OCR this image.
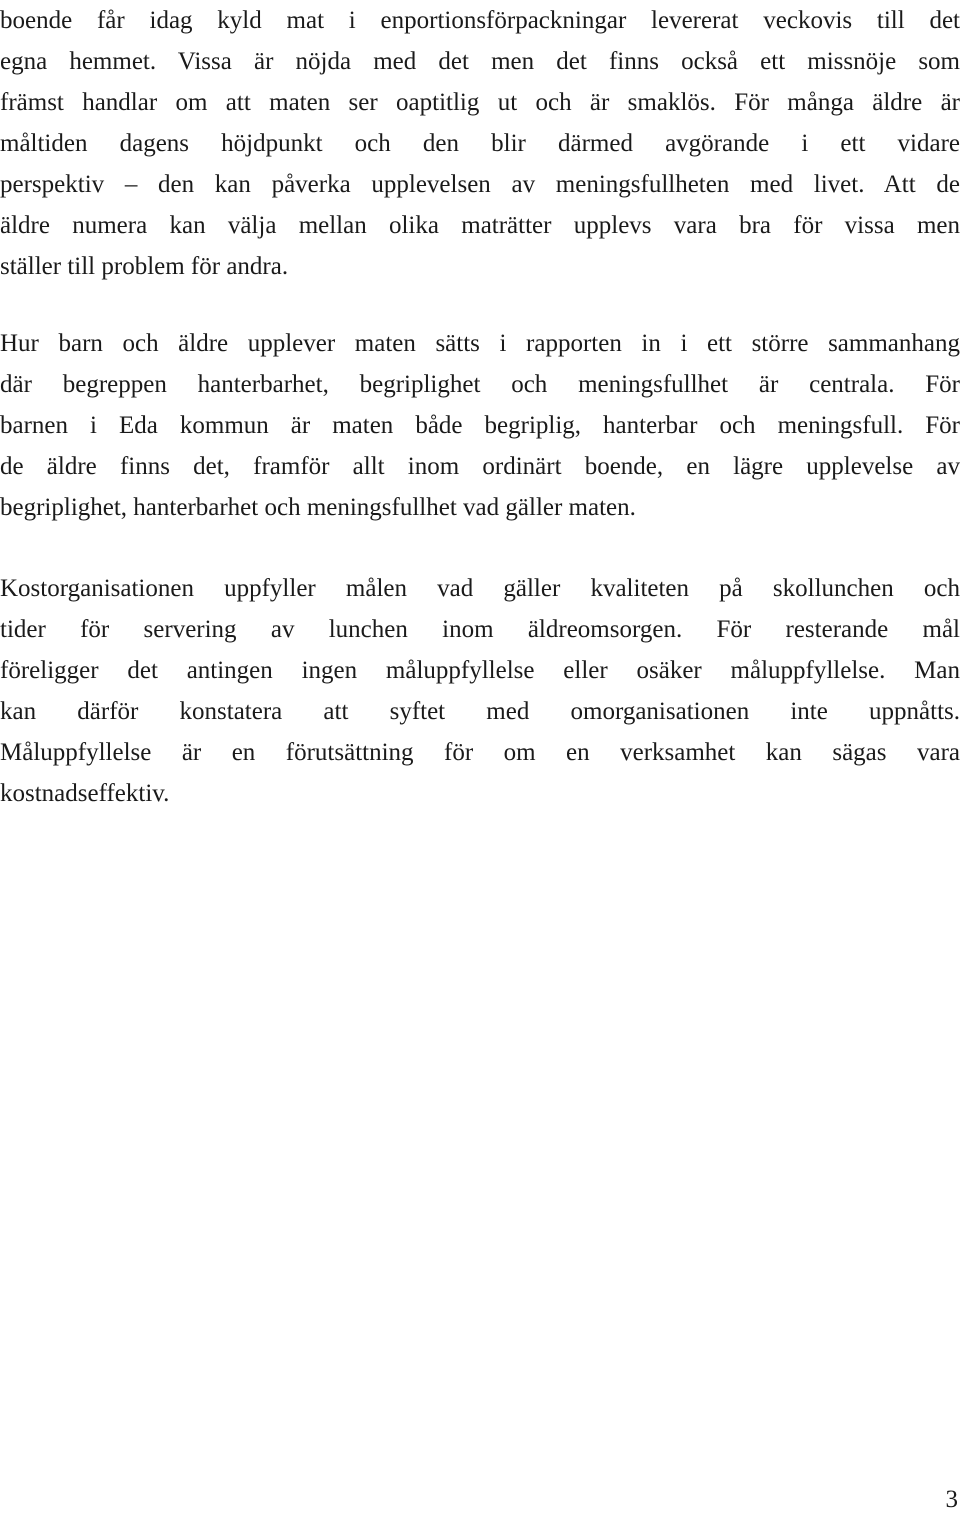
boende får idag kyld mat i enportionsförpackningar levererat veckovis till det
egna hemmet. Vissa är nöjda med det men det finns också ett missnöje som
främst handlar om att maten ser oaptitlig ut och är smaklös. För många äldre är
måltiden dagens höjdpunkt och den blir därmed avgörande i ett vidare
perspektiv – den kan påverka upplevelsen av meningsfullheten med livet. Att de
äldre numera kan välja mellan olika maträtter upplevs vara bra för vissa men
ställer till problem för andra.
Hur barn och äldre upplever maten sätts i rapporten in i ett större sammanhang
där begreppen hanterbarhet, begriplighet och meningsfullhet är centrala. För
barnen i Eda kommun är maten både begriplig, hanterbar och meningsfull. För
de äldre finns det, framför allt inom ordinärt boende, en lägre upplevelse av
begriplighet, hanterbarhet och meningsfullhet vad gäller maten.
Kostorganisationen uppfyller målen vad gäller kvaliteten på skollunchen och
tider för servering av lunchen inom äldreomsorgen. För resterande mål
föreligger det antingen ingen måluppfyllelse eller osäker måluppfyllelse. Man
kan därför konstatera att syftet med omorganisationen inte uppnåtts.
Måluppfyllelse är en förutsättning för om en verksamhet kan sägas vara
kostnadseffektiv.
3
